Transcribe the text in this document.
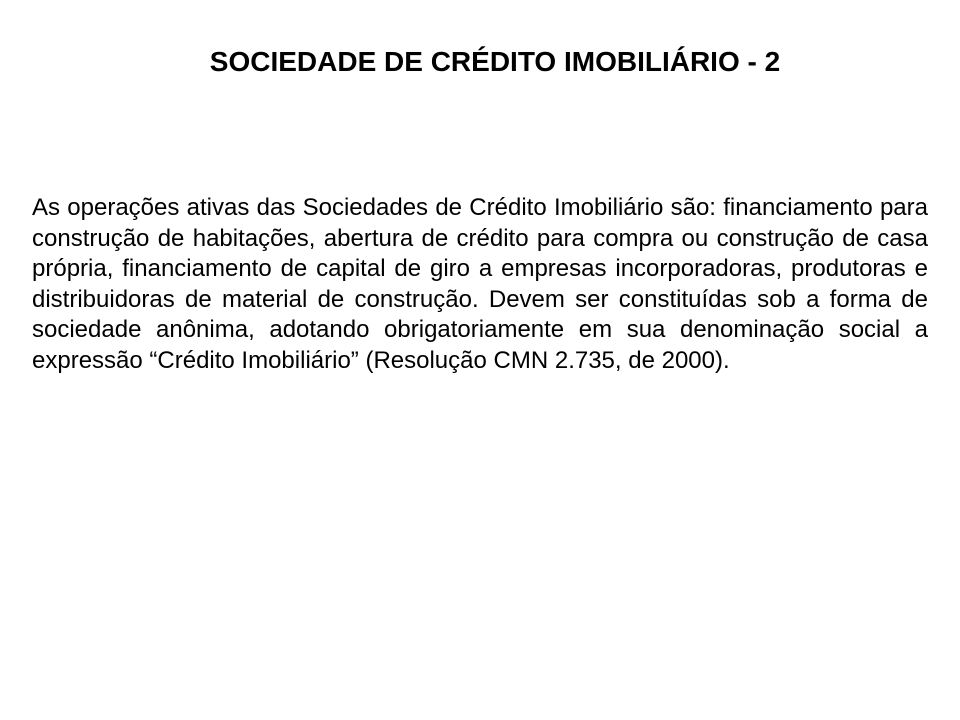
SOCIEDADE DE CRÉDITO IMOBILIÁRIO - 2

As operações ativas das Sociedades de Crédito Imobiliário são: financiamento para construção de habitações, abertura de crédito para compra ou construção de casa própria, financiamento de capital de giro a empresas incorporadoras, produtoras e distribuidoras de material de construção. Devem ser constituídas sob a forma de sociedade anônima, adotando obrigatoriamente em sua denominação social a expressão “Crédito Imobiliário” (Resolução CMN 2.735, de 2000).
